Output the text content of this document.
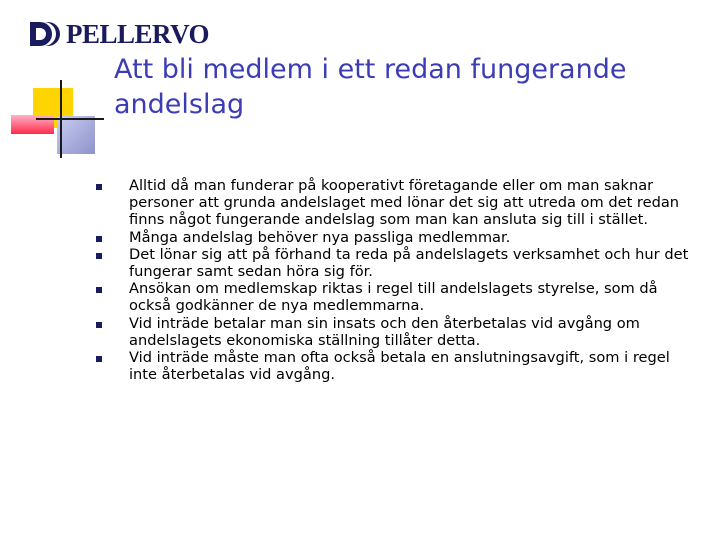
PELLERVO
Att bli medlem i ett redan fungerande andelslag
Alltid då man funderar på kooperativt företagande eller om man saknar personer att grunda andelslaget med lönar det sig att utreda om det redan finns något fungerande andelslag som man kan ansluta sig till i stället.
Många andelslag behöver nya passliga medlemmar.
Det lönar sig att på förhand ta reda på andelslagets verksamhet och hur det fungerar samt sedan höra sig för.
Ansökan om medlemskap riktas i regel till andelslagets styrelse, som då också godkänner de nya medlemmarna.
Vid inträde betalar man sin insats och den återbetalas vid avgång om andelslagets ekonomiska ställning tillåter detta.
Vid inträde måste man ofta också betala en anslutningsavgift, som i regel inte återbetalas vid avgång.
